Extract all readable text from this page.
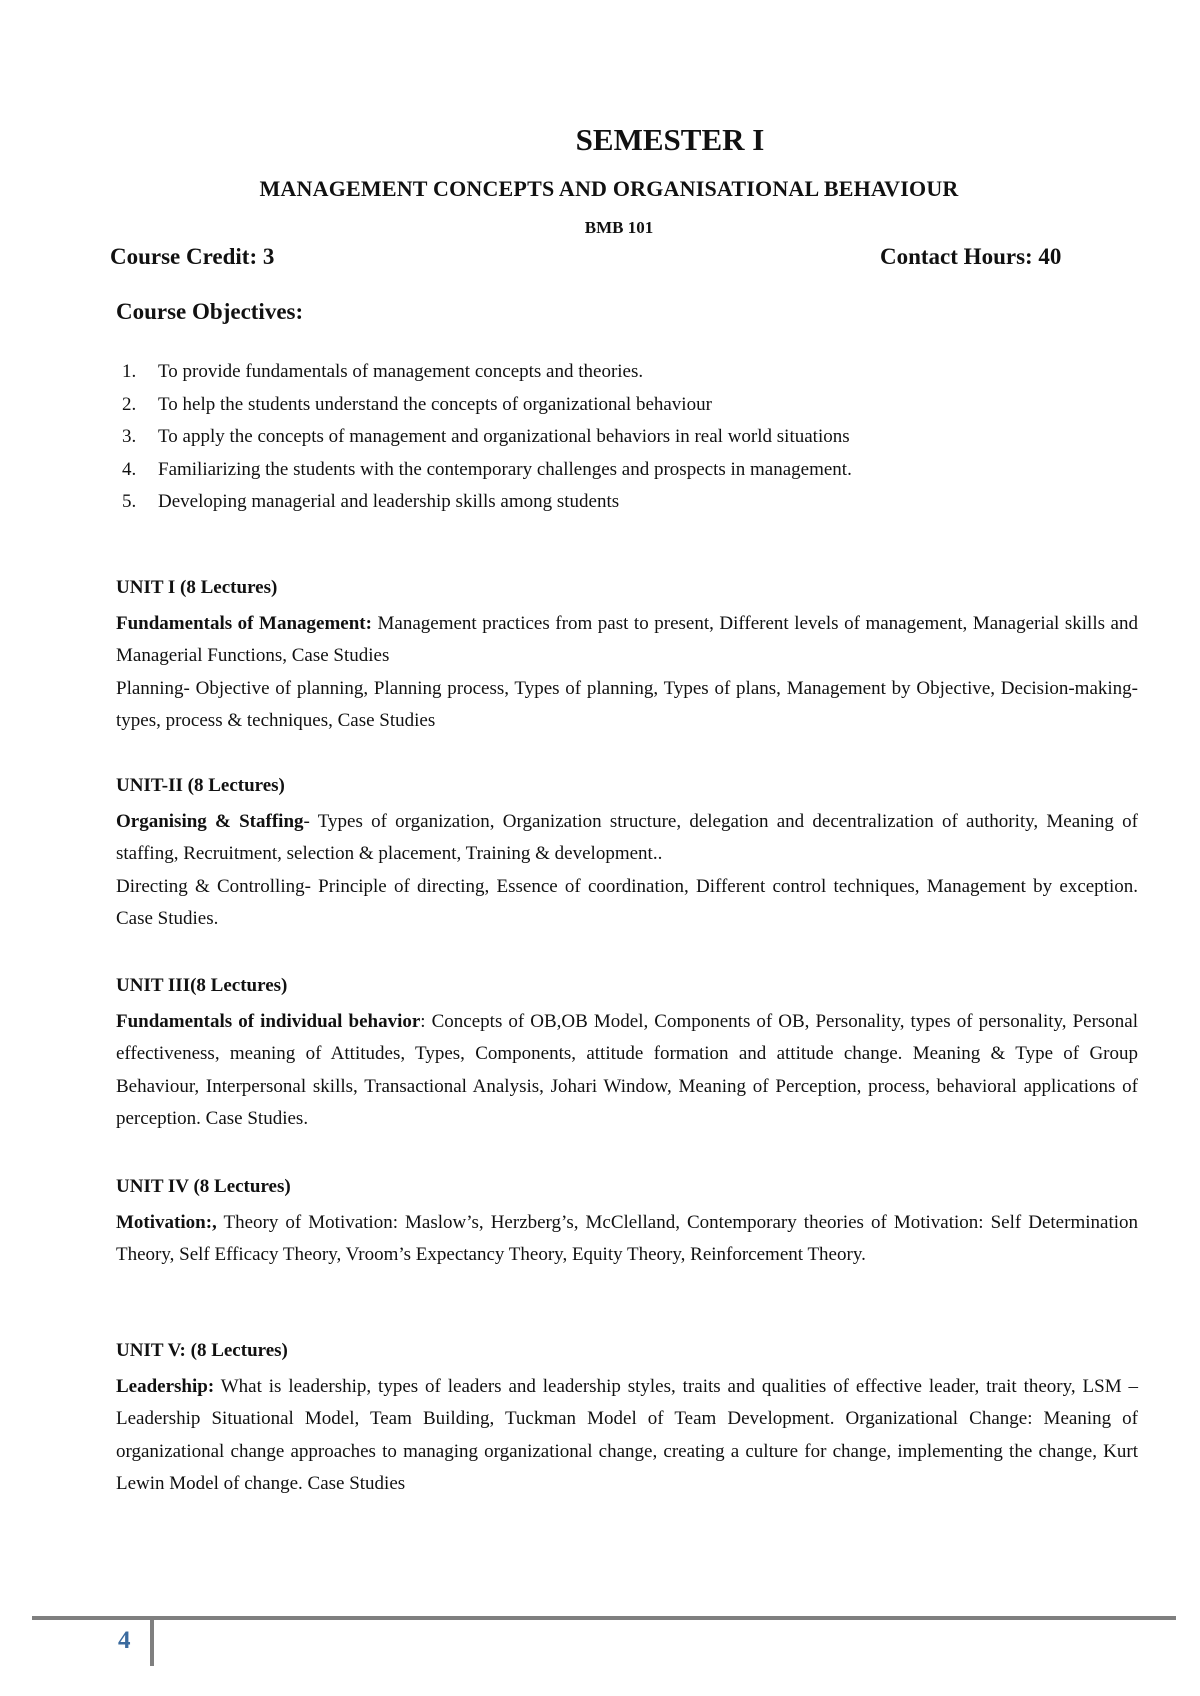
SEMESTER I
MANAGEMENT CONCEPTS AND ORGANISATIONAL BEHAVIOUR
BMB 101
Course Credit: 3	Contact Hours: 40
Course Objectives:
1. To provide fundamentals of management concepts and theories.
2. To help the students understand the concepts of organizational behaviour
3. To apply the concepts of management and organizational behaviors in real world situations
4. Familiarizing the students with the contemporary challenges and prospects in management.
5. Developing managerial and leadership skills among students
UNIT I (8 Lectures)

Fundamentals of Management: Management practices from past to present, Different levels of management, Managerial skills and Managerial Functions, Case Studies

Planning- Objective of planning, Planning process, Types of planning, Types of plans, Management by Objective, Decision-making- types, process & techniques, Case Studies

UNIT-II (8 Lectures)

Organising & Staffing- Types of organization, Organization structure, delegation and decentralization of authority, Meaning of staffing, Recruitment, selection & placement, Training & development..

Directing & Controlling- Principle of directing, Essence of coordination, Different control techniques, Management by exception. Case Studies.

UNIT III(8 Lectures)

Fundamentals of individual behavior: Concepts of OB,OB Model, Components of OB, Personality, types of personality, Personal effectiveness, meaning of Attitudes, Types, Components, attitude formation and attitude change. Meaning & Type of Group Behaviour, Interpersonal skills, Transactional Analysis, Johari Window, Meaning of Perception, process, behavioral applications of perception. Case Studies.

UNIT IV (8 Lectures)

Motivation:, Theory of Motivation: Maslow’s, Herzberg’s, McClelland, Contemporary theories of Motivation: Self Determination Theory, Self Efficacy Theory, Vroom’s Expectancy Theory, Equity Theory, Reinforcement Theory.

UNIT V: (8 Lectures)

Leadership: What is leadership, types of leaders and leadership styles, traits and qualities of effective leader, trait theory, LSM – Leadership Situational Model, Team Building, Tuckman Model of Team Development. Organizational Change: Meaning of organizational change approaches to managing organizational change, creating a culture for change, implementing the change, Kurt Lewin Model of change. Case Studies

4
